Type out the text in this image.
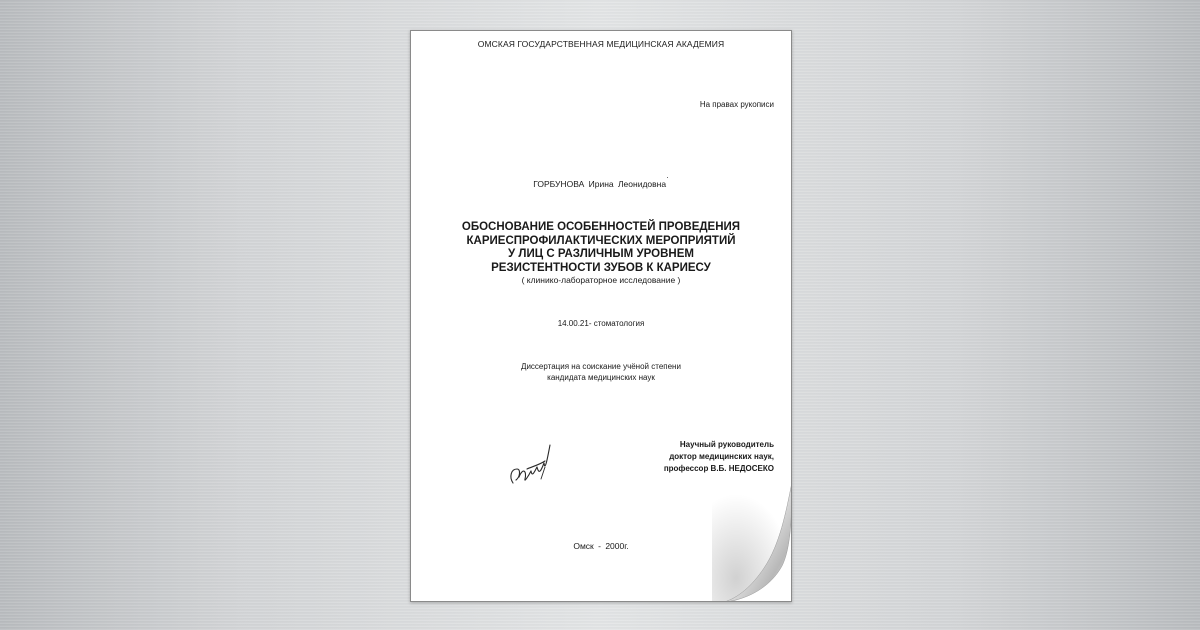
ОМСКАЯ ГОСУДАРСТВЕННАЯ МЕДИЦИНСКАЯ АКАДЕМИЯ
На правах рукописи
ГОРБУНОВА Ирина Леонидовна·
ОБОСНОВАНИЕ ОСОБЕННОСТЕЙ ПРОВЕДЕНИЯ
КАРИЕСПРОФИЛАКТИЧЕСКИХ МЕРОПРИЯТИЙ
У ЛИЦ С РАЗЛИЧНЫМ УРОВНЕМ
РЕЗИСТЕНТНОСТИ ЗУБОВ К КАРИЕСУ
( клинико-лабораторное исследование )
14.00.21- стоматология
Диссертация на соискание учёной степени
кандидата медицинских наук
Научный руководитель
доктор медицинских наук,
профессор В.Б. НЕДОСЕКО
Омск - 2000г.
